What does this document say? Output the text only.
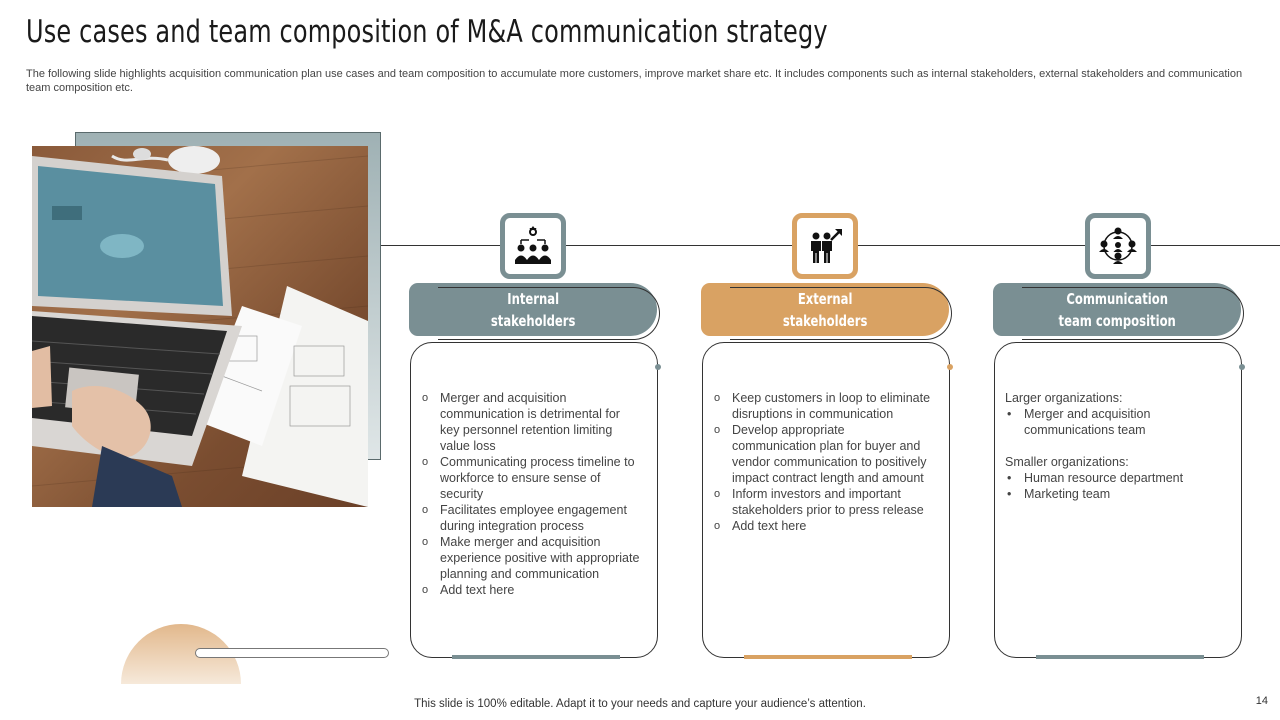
Use cases and team composition of M&A communication strategy
The following slide highlights acquisition communication plan use cases and team composition to accumulate more customers, improve market share etc. It includes components such as internal stakeholders, external stakeholders and communication team composition etc.
Internal
stakeholders
o Merger and acquisition communication is detrimental for key personnel retention limiting value loss
o Communicating process timeline to workforce to ensure sense of security
o Facilitates employee engagement during integration process
o Make merger and acquisition experience positive with appropriate planning and communication
o Add text here
External
stakeholders
o Keep customers in loop to eliminate disruptions in communication
o Develop appropriate communication plan for buyer and vendor communication to positively impact contract length and amount
o Inform investors and important stakeholders prior to press release
o Add text here
Communication
team composition
Larger organizations:
• Merger and acquisition communications team
Smaller organizations:
• Human resource department
• Marketing team
This slide is 100% editable. Adapt it to your needs and capture your audience’s attention.	14
